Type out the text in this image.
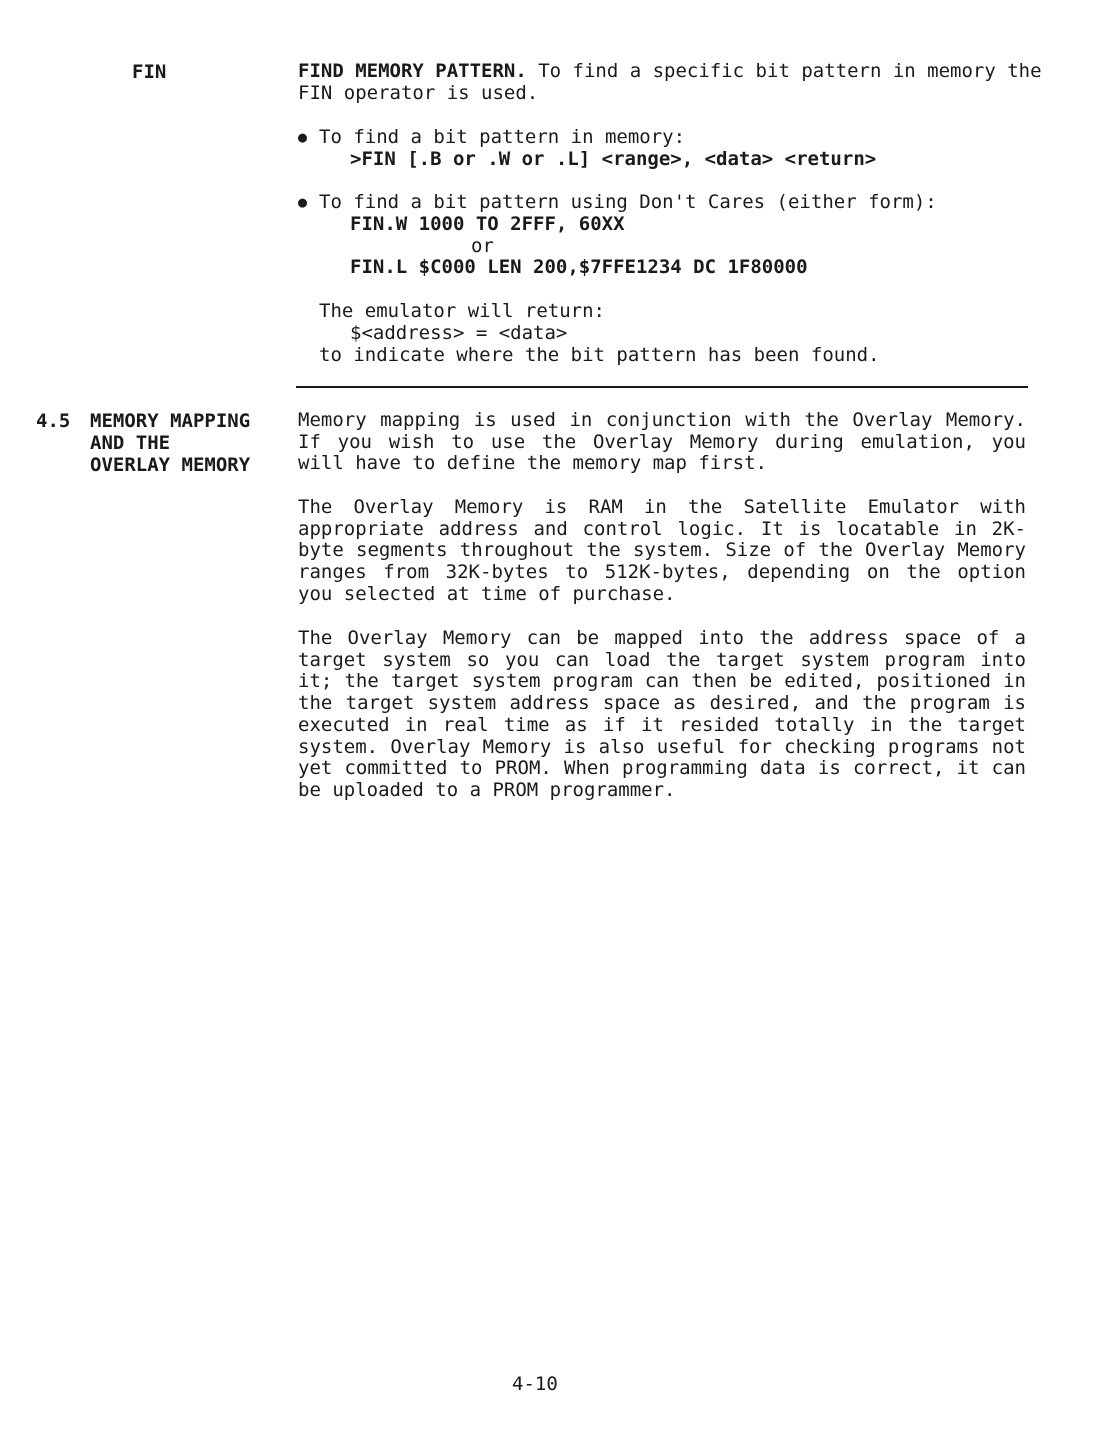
FIN	FIND MEMORY PATTERN. To find a specific bit pattern in memory the
FIN operator is used.
● To find a bit pattern in memory:
>FIN [.B or .W or .L] <range>, <data> <return>
● To find a bit pattern using Don't Cares (either form):
FIN.W 1000 TO 2FFF, 60XX
or
FIN.L $C000 LEN 200,$7FFE1234 DC 1F80000
The emulator will return:
$<address> = <data>
to indicate where the bit pattern has been found.
4.5 MEMORY MAPPING
AND THE
OVERLAY MEMORY
Memory mapping is used in conjunction with the Overlay Memory. If you wish to use the Overlay Memory during emulation, you will have to define the memory map first.
The Overlay Memory is RAM in the Satellite Emulator with appropriate address and control logic. It is locatable in 2K-byte segments throughout the system. Size of the Overlay Memory ranges from 32K-bytes to 512K-bytes, depending on the option you selected at time of purchase.
The Overlay Memory can be mapped into the address space of a target system so you can load the target system program into it; the target system program can then be edited, positioned in the target system address space as desired, and the program is executed in real time as if it resided totally in the target system. Overlay Memory is also useful for checking programs not yet committed to PROM. When programming data is correct, it can be uploaded to a PROM programmer.
4-10
